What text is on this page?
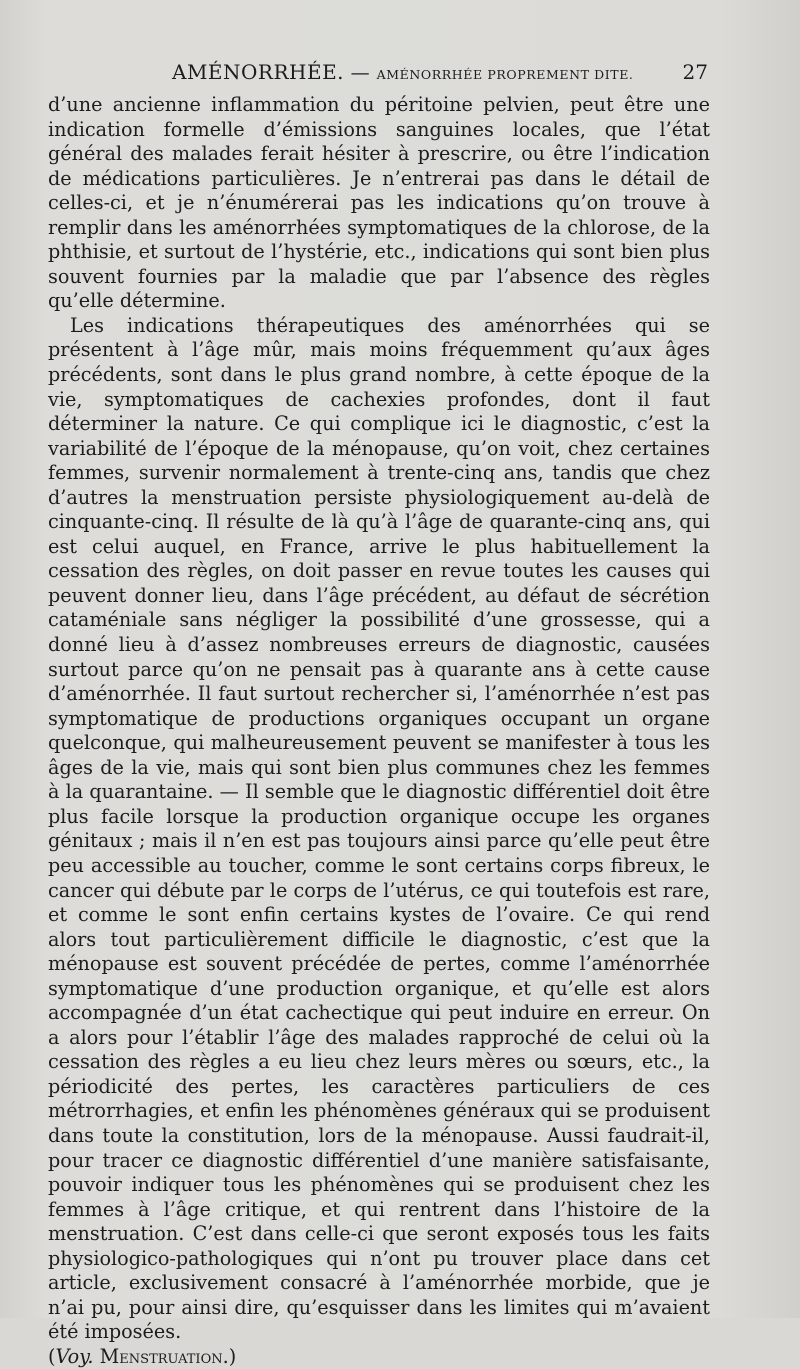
AMÉNORRHÉE. — AMÉNORRHÉE PROPREMENT DITE. 27

d’une ancienne inflammation du péritoine pelvien, peut être une indication formelle d’émissions sanguines locales, que l’état général des malades ferait hésiter à prescrire, ou être l’indication de médications particulières. Je n’entrerai pas dans le détail de celles-ci, et je n’énumérerai pas les indications qu’on trouve à remplir dans les aménorrhées symptomatiques de la chlorose, de la phthisie, et surtout de l’hystérie, etc., indications qui sont bien plus souvent fournies par la maladie que par l’absence des règles qu’elle détermine.

Les indications thérapeutiques des aménorrhées qui se présentent à l’âge mûr, mais moins fréquemment qu’aux âges précédents, sont dans le plus grand nombre, à cette époque de la vie, symptomatiques de cachexies profondes, dont il faut déterminer la nature. Ce qui complique ici le diagnostic, c’est la variabilité de l’époque de la ménopause, qu’on voit, chez certaines femmes, survenir normalement à trente-cinq ans, tandis que chez d’autres la menstruation persiste physiologiquement au-delà de cinquante-cinq. Il résulte de là qu’à l’âge de quarante-cinq ans, qui est celui auquel, en France, arrive le plus habituellement la cessation des règles, on doit passer en revue toutes les causes qui peuvent donner lieu, dans l’âge précédent, au défaut de sécrétion cataméniale sans négliger la possibilité d’une grossesse, qui a donné lieu à d’assez nombreuses erreurs de diagnostic, causées surtout parce qu’on ne pensait pas à quarante ans à cette cause d’aménorrhée. Il faut surtout rechercher si, l’aménorrhée n’est pas symptomatique de productions organiques occupant un organe quelconque, qui malheureusement peuvent se manifester à tous les âges de la vie, mais qui sont bien plus communes chez les femmes à la quarantaine. — Il semble que le diagnostic différentiel doit être plus facile lorsque la production organique occupe les organes génitaux ; mais il n’en est pas toujours ainsi parce qu’elle peut être peu accessible au toucher, comme le sont certains corps fibreux, le cancer qui débute par le corps de l’utérus, ce qui toutefois est rare, et comme le sont enfin certains kystes de l’ovaire. Ce qui rend alors tout particulièrement difficile le diagnostic, c’est que la ménopause est souvent précédée de pertes, comme l’aménorrhée symptomatique d’une production organique, et qu’elle est alors accompagnée d’un état cachectique qui peut induire en erreur. On a alors pour l’établir l’âge des malades rapproché de celui où la cessation des règles a eu lieu chez leurs mères ou sœurs, etc., la périodicité des pertes, les caractères particuliers de ces métrorrhagies, et enfin les phénomènes généraux qui se produisent dans toute la constitution, lors de la ménopause. Aussi faudrait-il, pour tracer ce diagnostic différentiel d’une manière satisfaisante, pouvoir indiquer tous les phénomènes qui se produisent chez les femmes à l’âge critique, et qui rentrent dans l’histoire de la menstruation. C’est dans celle-ci que seront exposés tous les faits physiologico-pathologiques qui n’ont pu trouver place dans cet article, exclusivement consacré à l’aménorrhée morbide, que je n’ai pu, pour ainsi dire, qu’esquisser dans les limites qui m’avaient été imposées.

(Voy. Menstruation.)
